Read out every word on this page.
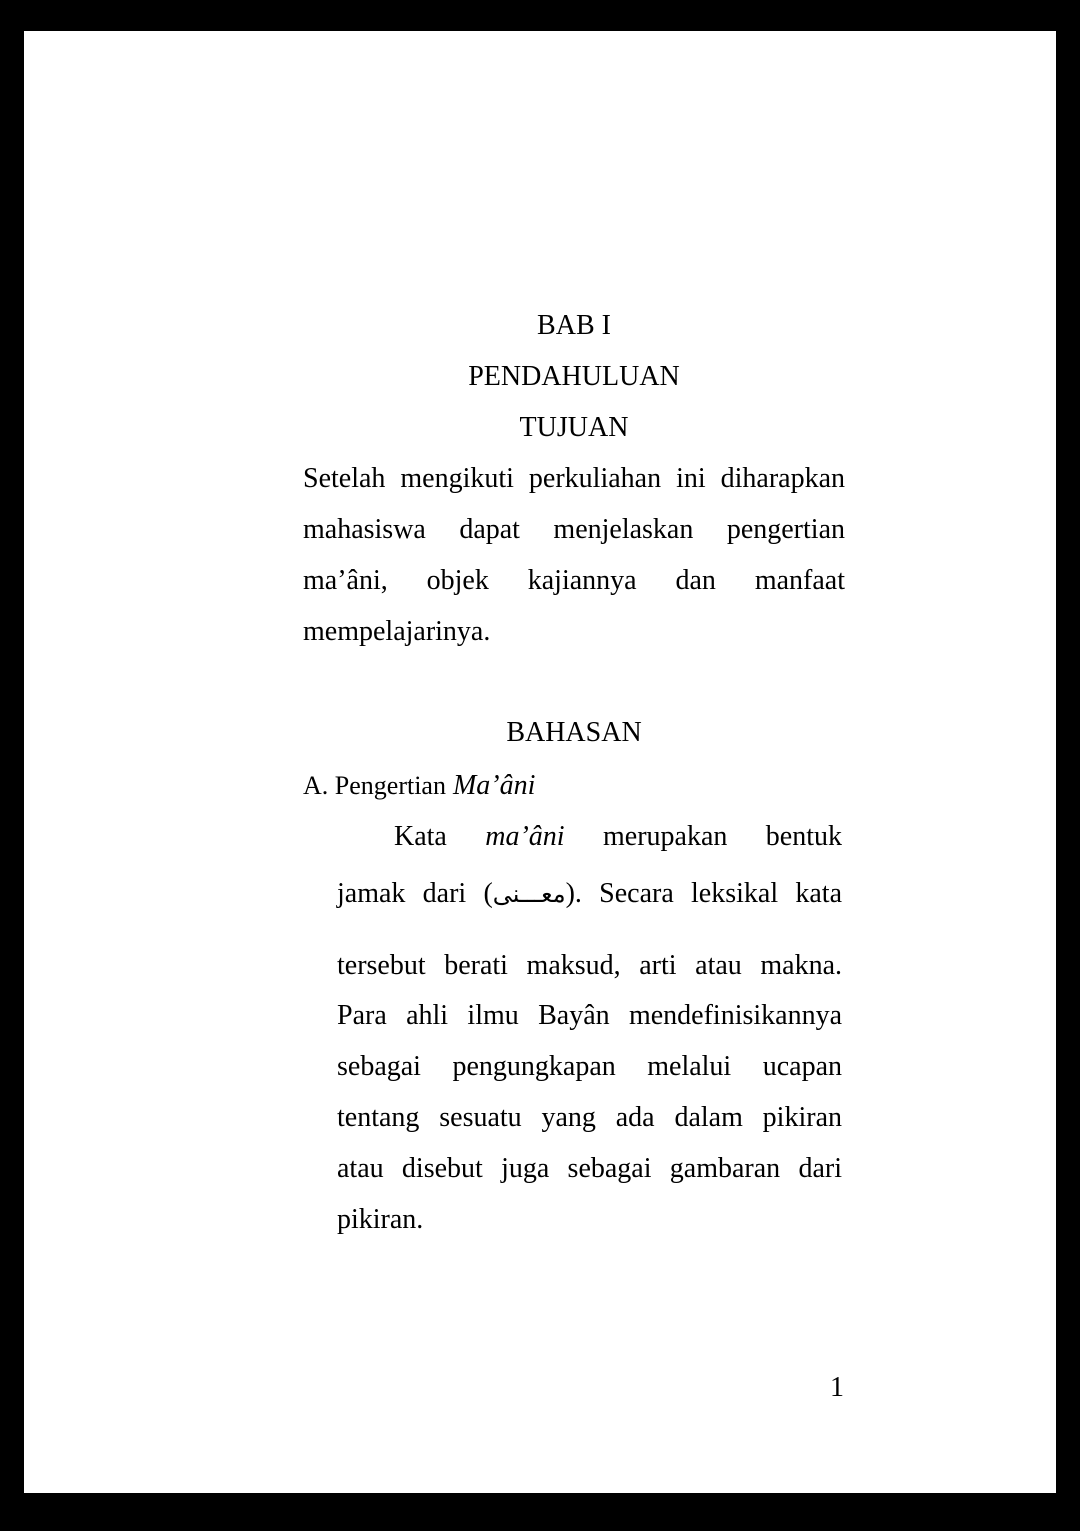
BAB I
PENDAHULUAN
TUJUAN
Setelah mengikuti perkuliahan ini diharapkan
mahasiswa dapat menjelaskan pengertian
ma’âni, objek kajiannya dan manfaat
mempelajarinya.
BAHASAN
A. Pengertian Ma’âni
Kata ma’âni merupakan bentuk
jamak dari (معـــنى). Secara leksikal kata
tersebut berati maksud, arti atau makna.
Para ahli ilmu Bayân mendefinisikannya
sebagai pengungkapan melalui ucapan
tentang sesuatu yang ada dalam pikiran
atau disebut juga sebagai gambaran dari
pikiran.
1
